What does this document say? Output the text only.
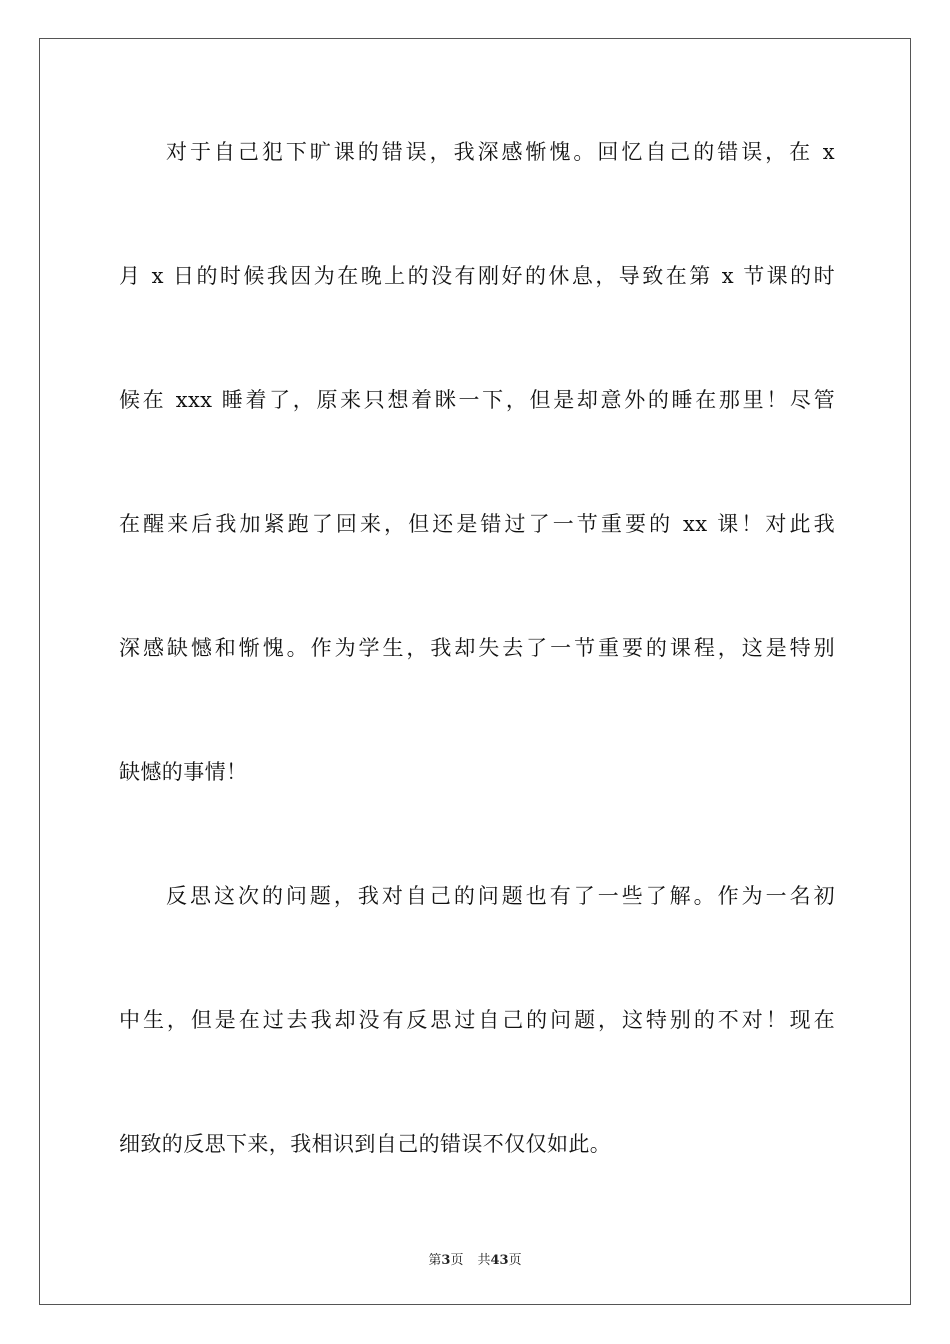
对于自己犯下旷课的错误，我深感惭愧。回忆自己的错误，在 x
月 x 日的时候我因为在晚上的没有刚好的休息，导致在第 x 节课的时
候在 xxx 睡着了，原来只想着眯一下，但是却意外的睡在那里！尽管
在醒来后我加紧跑了回来，但还是错过了一节重要的 xx 课！对此我
深感缺憾和惭愧。作为学生，我却失去了一节重要的课程，这是特别
缺憾的事情！
反思这次的问题，我对自己的问题也有了一些了解。作为一名初
中生，但是在过去我却没有反思过自己的问题，这特别的不对！现在
细致的反思下来，我相识到自己的错误不仅仅如此。
第3页 共43页
